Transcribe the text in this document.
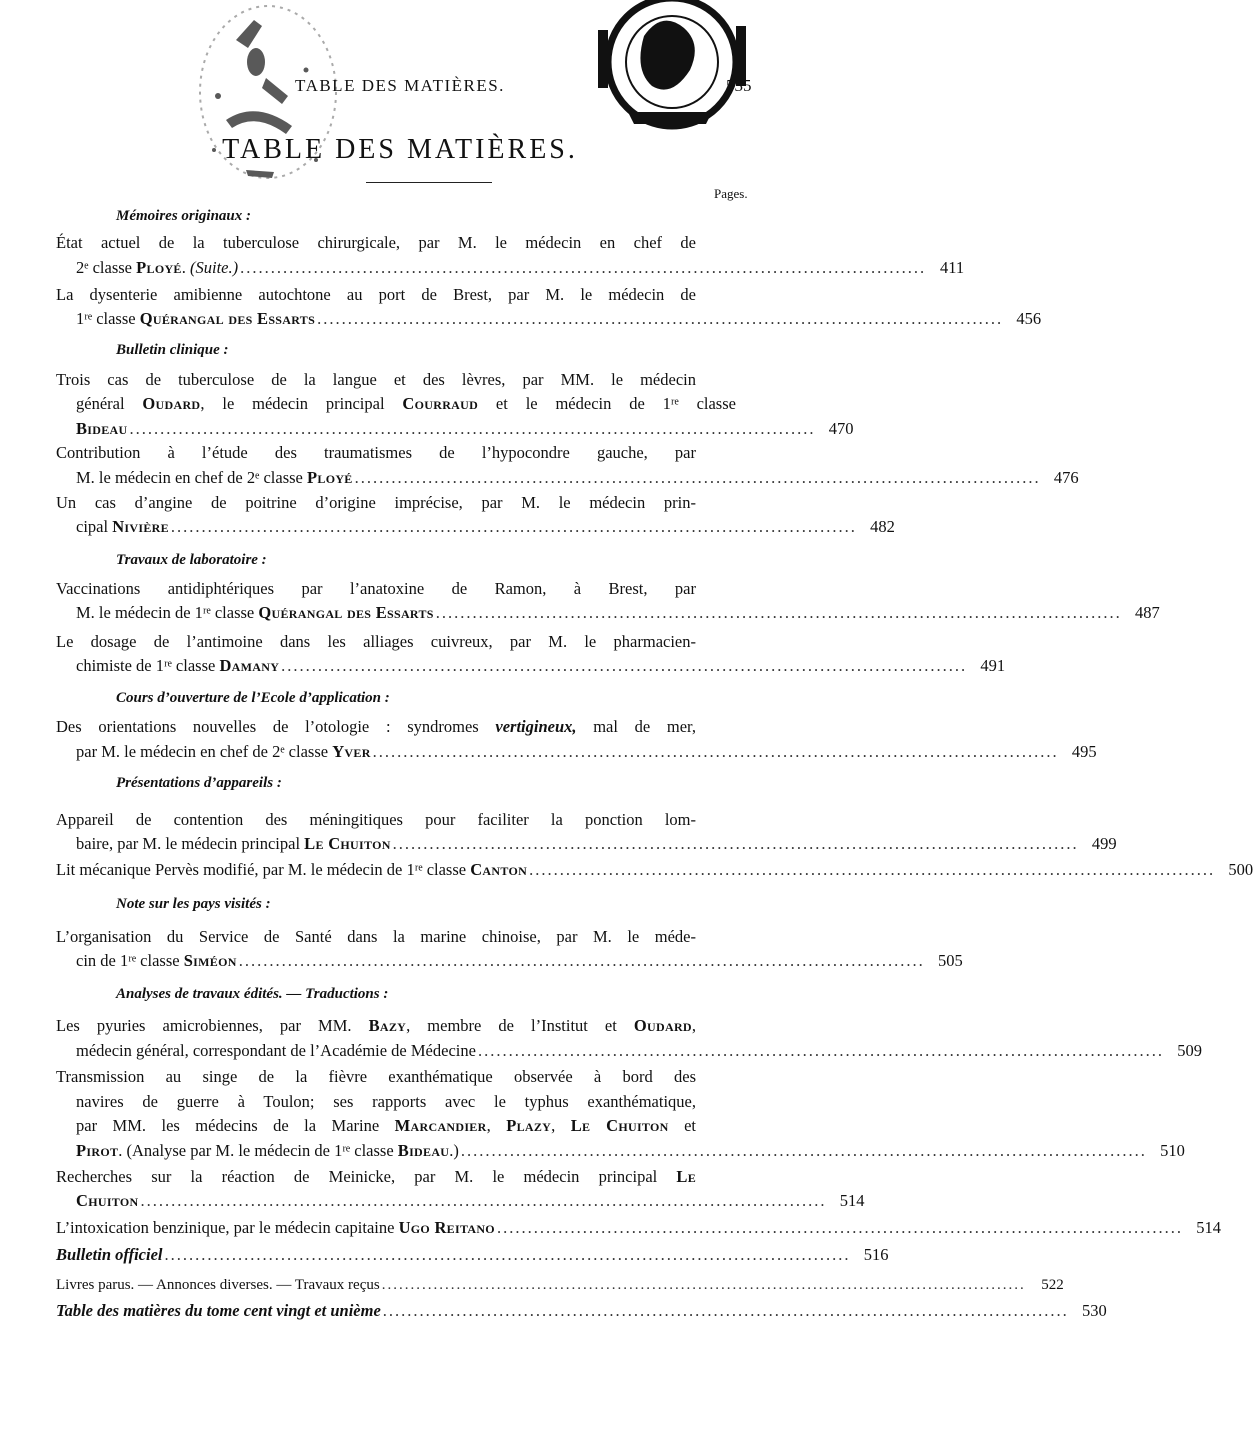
TABLE DES MATIÈRES.	535
TABLE DES MATIÈRES.
Pages.
Mémoires originaux :
État actuel de la tuberculose chirurgicale, par M. le médecin en chef de
2ᵉ classe Ployé. (Suite.) ................................................................................................................ 411
La dysenterie amibienne autochtone au port de Brest, par M. le médecin de
1ʳᵉ classe Quérangal des Essarts ................................................................................................................ 456
Bulletin clinique :
Trois cas de tuberculose de la langue et des lèvres, par MM. le médecin
général Oudard, le médecin principal Courraud et le médecin de 1ʳᵉ classe
Bideau ................................................................................................................ 470
Contribution à l’étude des traumatismes de l’hypocondre gauche, par
M. le médecin en chef de 2ᵉ classe Ployé ................................................................................................................ 476
Un cas d’angine de poitrine d’origine imprécise, par M. le médecin prin-
cipal Nivière ................................................................................................................ 482
Travaux de laboratoire :
Vaccinations antidiphtériques par l’anatoxine de Ramon, à Brest, par
M. le médecin de 1ʳᵉ classe Quérangal des Essarts ................................................................................................................ 487
Le dosage de l’antimoine dans les alliages cuivreux, par M. le pharmacien-
chimiste de 1ʳᵉ classe Damany ................................................................................................................ 491
Cours d’ouverture de l’Ecole d’application :
Des orientations nouvelles de l’otologie : syndromes vertigineux, mal de mer,
par M. le médecin en chef de 2ᵉ classe Yver ................................................................................................................ 495
Présentations d’appareils :
Appareil de contention des méningitiques pour faciliter la ponction lom-
baire, par M. le médecin principal Le Chuiton ................................................................................................................ 499
Lit mécanique Pervès modifié, par M. le médecin de 1ʳᵉ classe Canton ................................................................................................................ 500
Note sur les pays visités :
L’organisation du Service de Santé dans la marine chinoise, par M. le méde-
cin de 1ʳᵉ classe Siméon ................................................................................................................ 505
Analyses de travaux édités. — Traductions :
Les pyuries amicrobiennes, par MM. Bazy, membre de l’Institut et Oudard,
médecin général, correspondant de l’Académie de Médecine ................................................................................................................ 509
Transmission au singe de la fièvre exanthématique observée à bord des
navires de guerre à Toulon; ses rapports avec le typhus exanthématique,
par MM. les médecins de la Marine Marcandier, Plazy, Le Chuiton et
Pirot. (Analyse par M. le médecin de 1ʳᵉ classe Bideau.) ................................................................................................................ 510
Recherches sur la réaction de Meinicke, par M. le médecin principal Le
Chuiton ................................................................................................................ 514
L’intoxication benzinique, par le médecin capitaine Ugo Reitano ................................................................................................................ 514
Bulletin officiel ................................................................................................................ 516
Livres parus. — Annonces diverses. — Travaux reçus ................................................................................................................	522
Table des matières du tome cent vingt et unième ................................................................................................................ 530
